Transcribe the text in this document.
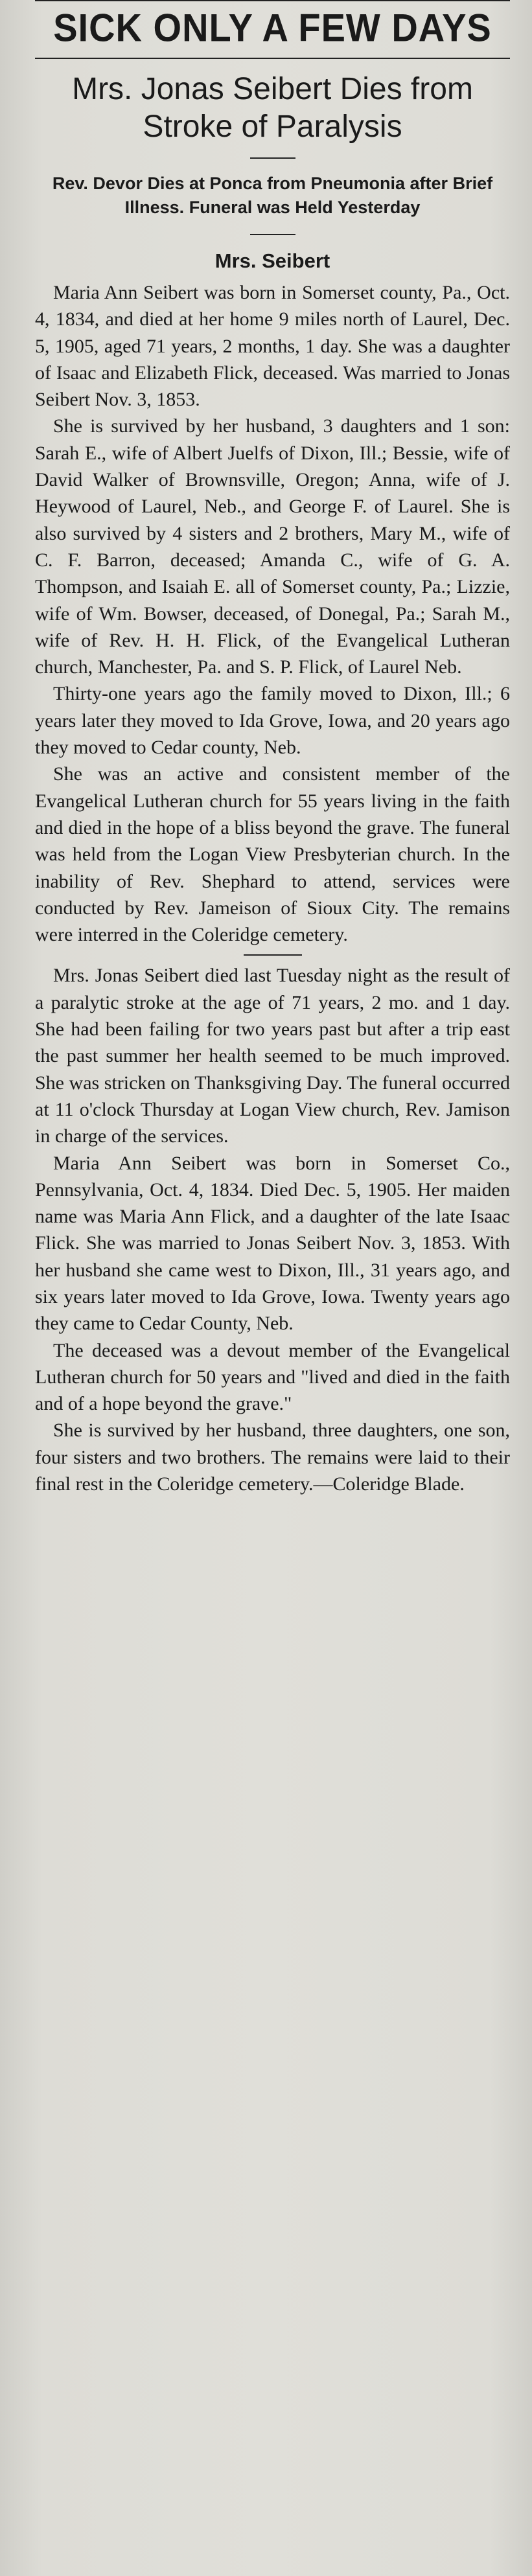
SICK ONLY A FEW DAYS
Mrs. Jonas Seibert Dies from Stroke of Paralysis
Rev. Devor Dies at Ponca from Pneumonia after Brief Illness. Funeral was Held Yesterday
Mrs. Seibert

Maria Ann Seibert was born in Somerset county, Pa., Oct. 4, 1834, and died at her home 9 miles north of Laurel, Dec. 5, 1905, aged 71 years, 2 months, 1 day. She was a daughter of Isaac and Elizabeth Flick, deceased. Was married to Jonas Seibert Nov. 3, 1853.

She is survived by her husband, 3 daughters and 1 son: Sarah E., wife of Albert Juelfs of Dixon, Ill.; Bessie, wife of David Walker of Brownsville, Oregon; Anna, wife of J. Heywood of Laurel, Neb., and George F. of Laurel. She is also survived by 4 sisters and 2 brothers, Mary M., wife of C. F. Barron, deceased; Amanda C., wife of G. A. Thompson, and Isaiah E. all of Somerset county, Pa.; Lizzie, wife of Wm. Bowser, deceased, of Donegal, Pa.; Sarah M., wife of Rev. H. H. Flick, of the Evangelical Lutheran church, Manchester, Pa. and S. P. Flick, of Laurel Neb.

Thirty-one years ago the family moved to Dixon, Ill.; 6 years later they moved to Ida Grove, Iowa, and 20 years ago they moved to Cedar county, Neb.

She was an active and consistent member of the Evangelical Lutheran church for 55 years living in the faith and died in the hope of a bliss beyond the grave. The funeral was held from the Logan View Presbyterian church. In the inability of Rev. Shephard to attend, services were conducted by Rev. Jameison of Sioux City. The remains were interred in the Coleridge cemetery.

Mrs. Jonas Seibert died last Tuesday night as the result of a paralytic stroke at the age of 71 years, 2 mo. and 1 day. She had been failing for two years past but after a trip east the past summer her health seemed to be much improved. She was stricken on Thanksgiving Day. The funeral occurred at 11 o'clock Thursday at Logan View church, Rev. Jamison in charge of the services.

Maria Ann Seibert was born in Somerset Co., Pennsylvania, Oct. 4, 1834. Died Dec. 5, 1905. Her maiden name was Maria Ann Flick, and a daughter of the late Isaac Flick. She was married to Jonas Seibert Nov. 3, 1853. With her husband she came west to Dixon, Ill., 31 years ago, and six years later moved to Ida Grove, Iowa. Twenty years ago they came to Cedar County, Neb.

The deceased was a devout member of the Evangelical Lutheran church for 50 years and "lived and died in the faith and of a hope beyond the grave."

She is survived by her husband, three daughters, one son, four sisters and two brothers. The remains were laid to their final rest in the Coleridge cemetery.—Coleridge Blade.
